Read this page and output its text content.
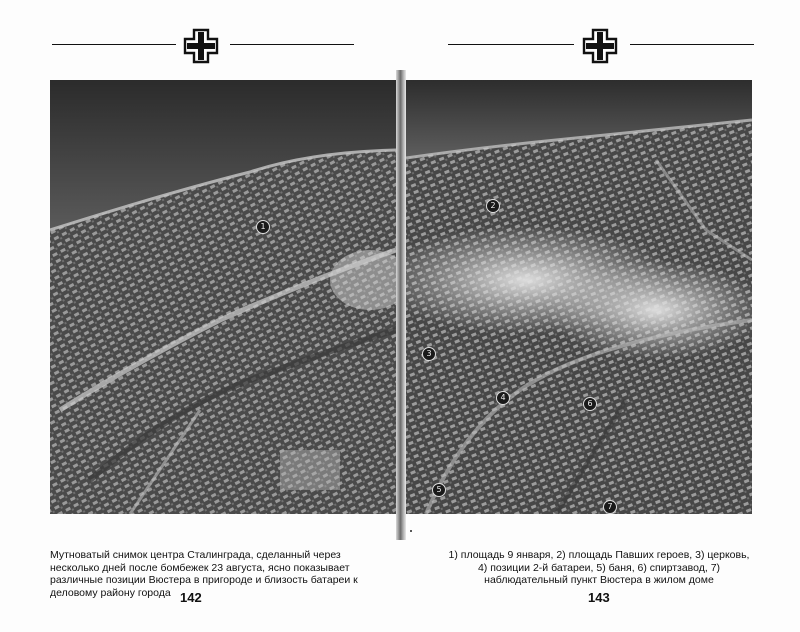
1
Мутноватый снимок центра Сталинграда, сделанный через несколько дней после бомбежек 23 августа, ясно показывает различные позиции Вюстера в пригороде и близость батареи к деловому району города 142
2
3
4
5
6
7
1) площадь 9 января, 2) площадь Павших героев, 3) церковь, 4) позиции 2-й батареи, 5) баня, 6) спиртзавод, 7) наблюдательный пункт Вюстера в жилом доме
143
